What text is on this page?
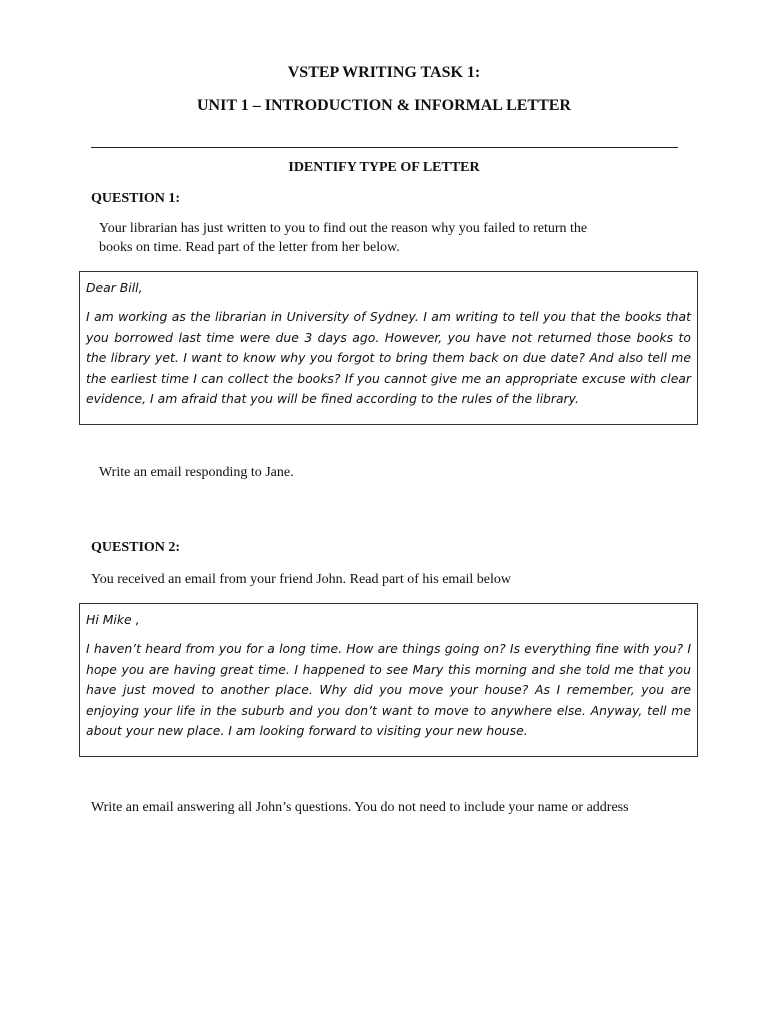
VSTEP WRITING TASK 1:
UNIT 1 – INTRODUCTION & INFORMAL LETTER
IDENTIFY TYPE OF LETTER
QUESTION 1:
Your librarian has just written to you to find out the reason why you failed to return the
books on time. Read part of the letter from her below.

Dear Bill,

I am working as the librarian in University of Sydney. I am writing to tell you that the books that you borrowed last time were due 3 days ago. However, you have not returned those books to the library yet. I want to know why you forgot to bring them back on due date? And also tell me the earliest time I can collect the books? If you cannot give me an appropriate excuse with clear evidence, I am afraid that you will be fined according to the rules of the library.

Write an email responding to Jane.
QUESTION 2:
You received an email from your friend John. Read part of his email below

Hi Mike ,

I haven’t heard from you for a long time. How are things going on? Is everything fine with you? I hope you are having great time. I happened to see Mary this morning and she told me that you have just moved to another place. Why did you move your house? As I remember, you are enjoying your life in the suburb and you don’t want to move to anywhere else. Anyway, tell me about your new place. I am looking forward to visiting your new house.

Write an email answering all John’s questions. You do not need to include your name or address
